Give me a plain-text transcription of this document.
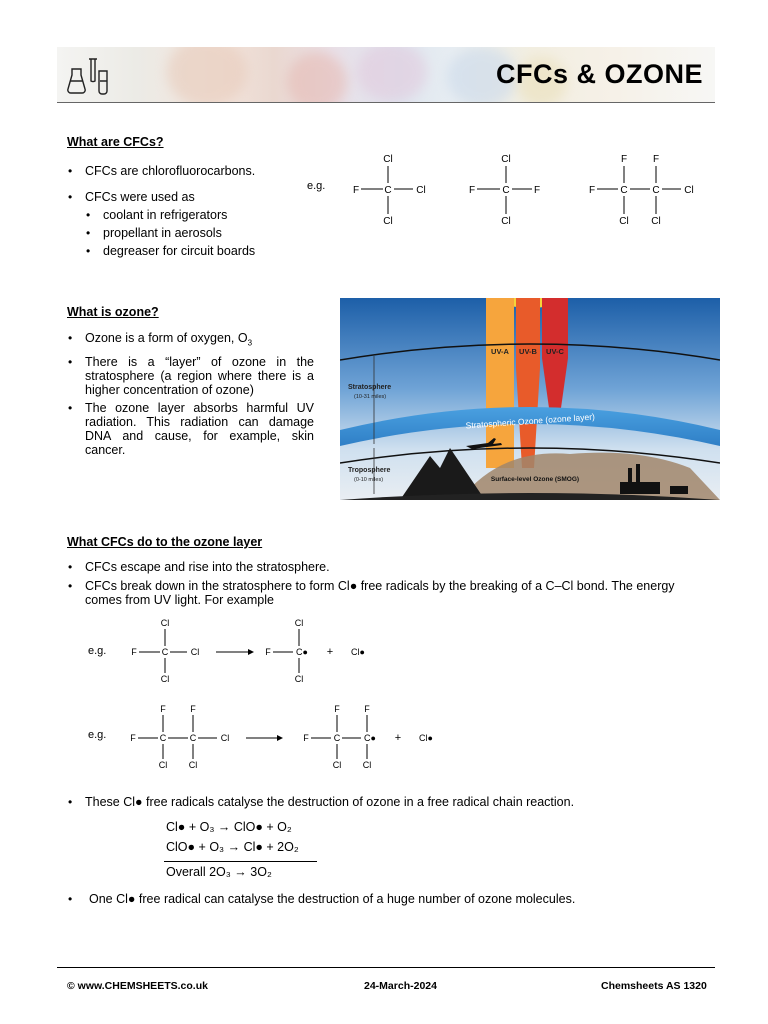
CFCs & OZONE
What are CFCs?
• CFCs are chlorofluorocarbons.
• CFCs were used as
• coolant in refrigerators
• propellant in aerosols
• degreaser for circuit boards
e.g.
Cl
F	C Cl
Cl
Cl
F	C F
Cl
F	F
F	C C Cl
Cl Cl
What is ozone?
• Ozone is a form of oxygen, $O_3$
• There is a “layer” of ozone in the stratosphere (a region where there is a higher concentration of ozone)
• The ozone layer absorbs harmful UV radiation. This radiation can damage DNA and cause, for example, skin cancer.
UV-A UV-B UV-C
Stratospheric Ozone (ozone layer)
Stratosphere
(10-31 miles)
Troposphere
(0-10 miles)	Surface-level Ozone (SMOG)
What CFCs do to the ozone layer
• CFCs escape and rise into the stratosphere.
• CFCs break down in the stratosphere to form Cl● free radicals by the breaking of a C–Cl bond. The energy comes from UV light. For example
e.g.
Cl
F	C	Cl
Cl
Cl
F	C●
Cl
+ Cl●
e.g.
F	F
F	C	C	Cl
Cl Cl
F	F
F	C	C●
Cl Cl
+ Cl●
• These Cl● free radicals catalyse the destruction of ozone in a free radical chain reaction.
Cl● + O₃ → ClO● + O₂
ClO● + O₃ → Cl● + 2O₂
Overall 2O₃ → 3O₂
• One Cl● free radical can catalyse the destruction of a huge number of ozone molecules.
© www.CHEMSHEETS.co.uk	24-March-2024	Chemsheets AS 1320
